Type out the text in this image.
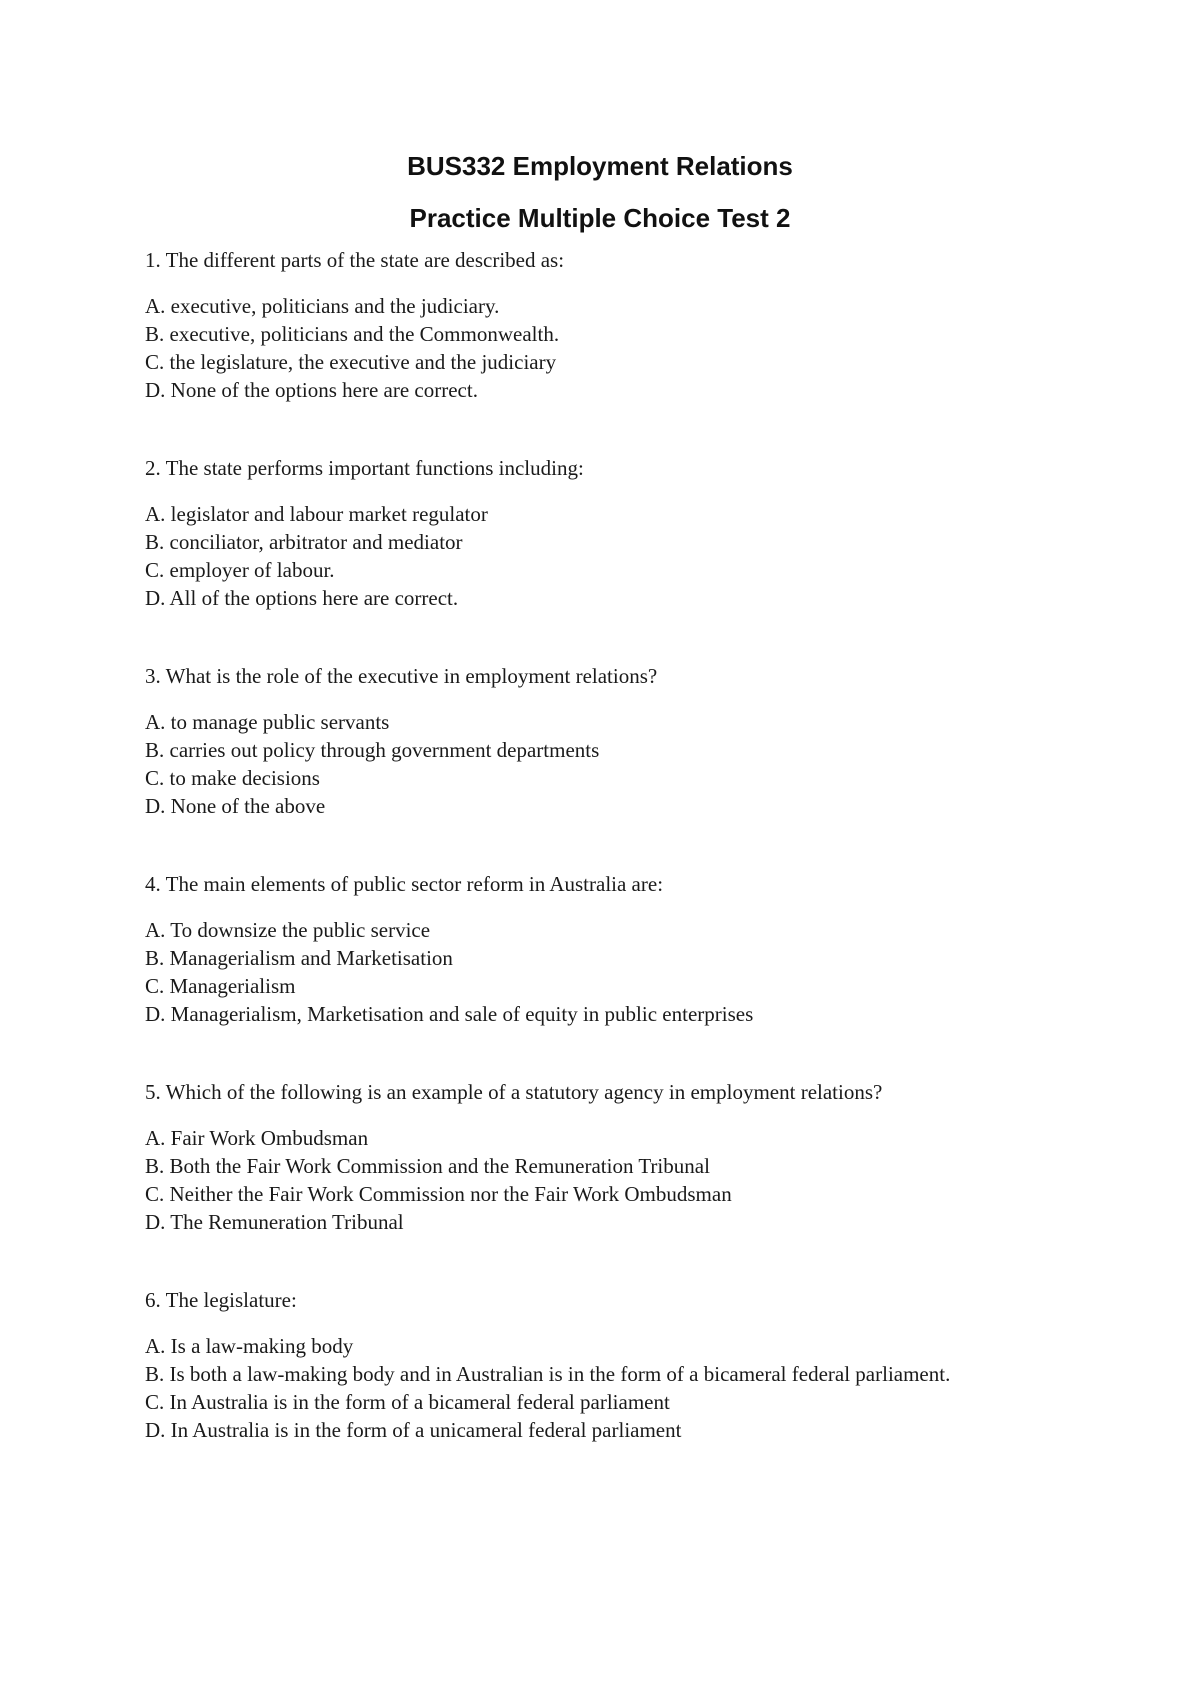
BUS332 Employment Relations
Practice Multiple Choice Test 2

1. The different parts of the state are described as:

A. executive, politicians and the judiciary.
B. executive, politicians and the Commonwealth.
C. the legislature, the executive and the judiciary
D. None of the options here are correct.

2. The state performs important functions including:

A. legislator and labour market regulator
B. conciliator, arbitrator and mediator
C. employer of labour.
D. All of the options here are correct.

3. What is the role of the executive in employment relations?

A. to manage public servants
B. carries out policy through government departments
C. to make decisions
D. None of the above

4. The main elements of public sector reform in Australia are:

A. To downsize the public service
B. Managerialism and Marketisation
C. Managerialism
D. Managerialism, Marketisation and sale of equity in public enterprises

5. Which of the following is an example of a statutory agency in employment relations?

A. Fair Work Ombudsman
B. Both the Fair Work Commission and the Remuneration Tribunal
C. Neither the Fair Work Commission nor the Fair Work Ombudsman
D. The Remuneration Tribunal

6. The legislature:

A. Is a law-making body
B. Is both a law-making body and in Australian is in the form of a bicameral federal parliament.
C. In Australia is in the form of a bicameral federal parliament
D. In Australia is in the form of a unicameral federal parliament
